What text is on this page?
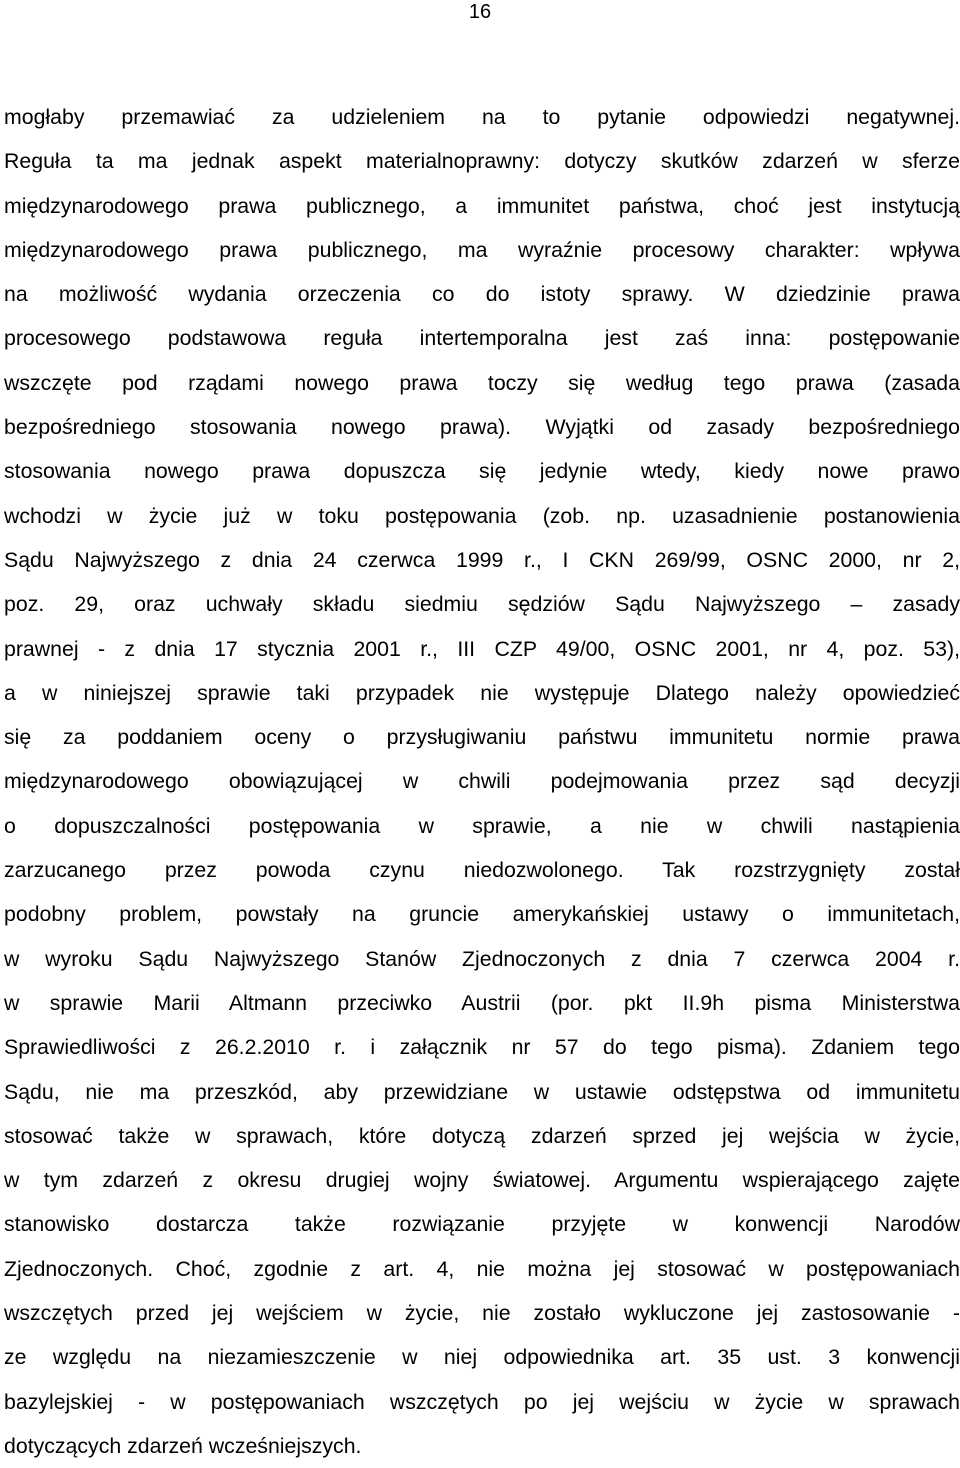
16
mogłaby przemawiać za udzieleniem na to pytanie odpowiedzi negatywnej.
Reguła ta ma jednak aspekt materialnoprawny: dotyczy skutków zdarzeń w sferze
międzynarodowego prawa publicznego, a immunitet państwa, choć jest instytucją
międzynarodowego prawa publicznego, ma wyraźnie procesowy charakter: wpływa
na możliwość wydania orzeczenia co do istoty sprawy. W dziedzinie prawa
procesowego podstawowa reguła intertemporalna jest zaś inna: postępowanie
wszczęte pod rządami nowego prawa toczy się według tego prawa (zasada
bezpośredniego stosowania nowego prawa). Wyjątki od zasady bezpośredniego
stosowania nowego prawa dopuszcza się jedynie wtedy, kiedy nowe prawo
wchodzi w życie już w toku postępowania (zob. np. uzasadnienie postanowienia
Sądu Najwyższego z dnia 24 czerwca 1999 r., I CKN 269/99, OSNC 2000, nr 2,
poz. 29, oraz uchwały składu siedmiu sędziów Sądu Najwyższego – zasady
prawnej - z dnia 17 stycznia 2001 r., III CZP 49/00, OSNC 2001, nr 4, poz. 53),
a w niniejszej sprawie taki przypadek nie występuje Dlatego należy opowiedzieć
się za poddaniem oceny o przysługiwaniu państwu immunitetu normie prawa
międzynarodowego obowiązującej w chwili podejmowania przez sąd decyzji
o dopuszczalności postępowania w sprawie, a nie w chwili nastąpienia
zarzucanego przez powoda czynu niedozwolonego. Tak rozstrzygnięty został
podobny problem, powstały na gruncie amerykańskiej ustawy o immunitetach,
w wyroku Sądu Najwyższego Stanów Zjednoczonych z dnia 7 czerwca 2004 r.
w sprawie Marii Altmann przeciwko Austrii (por. pkt II.9h pisma Ministerstwa
Sprawiedliwości z 26.2.2010 r. i załącznik nr 57 do tego pisma). Zdaniem tego
Sądu, nie ma przeszkód, aby przewidziane w ustawie odstępstwa od immunitetu
stosować także w sprawach, które dotyczą zdarzeń sprzed jej wejścia w życie,
w tym zdarzeń z okresu drugiej wojny światowej. Argumentu wspierającego zajęte
stanowisko dostarcza także rozwiązanie przyjęte w konwencji Narodów
Zjednoczonych. Choć, zgodnie z art. 4, nie można jej stosować w postępowaniach
wszczętych przed jej wejściem w życie, nie zostało wykluczone jej zastosowanie -
ze względu na niezamieszczenie w niej odpowiednika art. 35 ust. 3 konwencji
bazylejskiej - w postępowaniach wszczętych po jej wejściu w życie w sprawach
dotyczących zdarzeń wcześniejszych.
